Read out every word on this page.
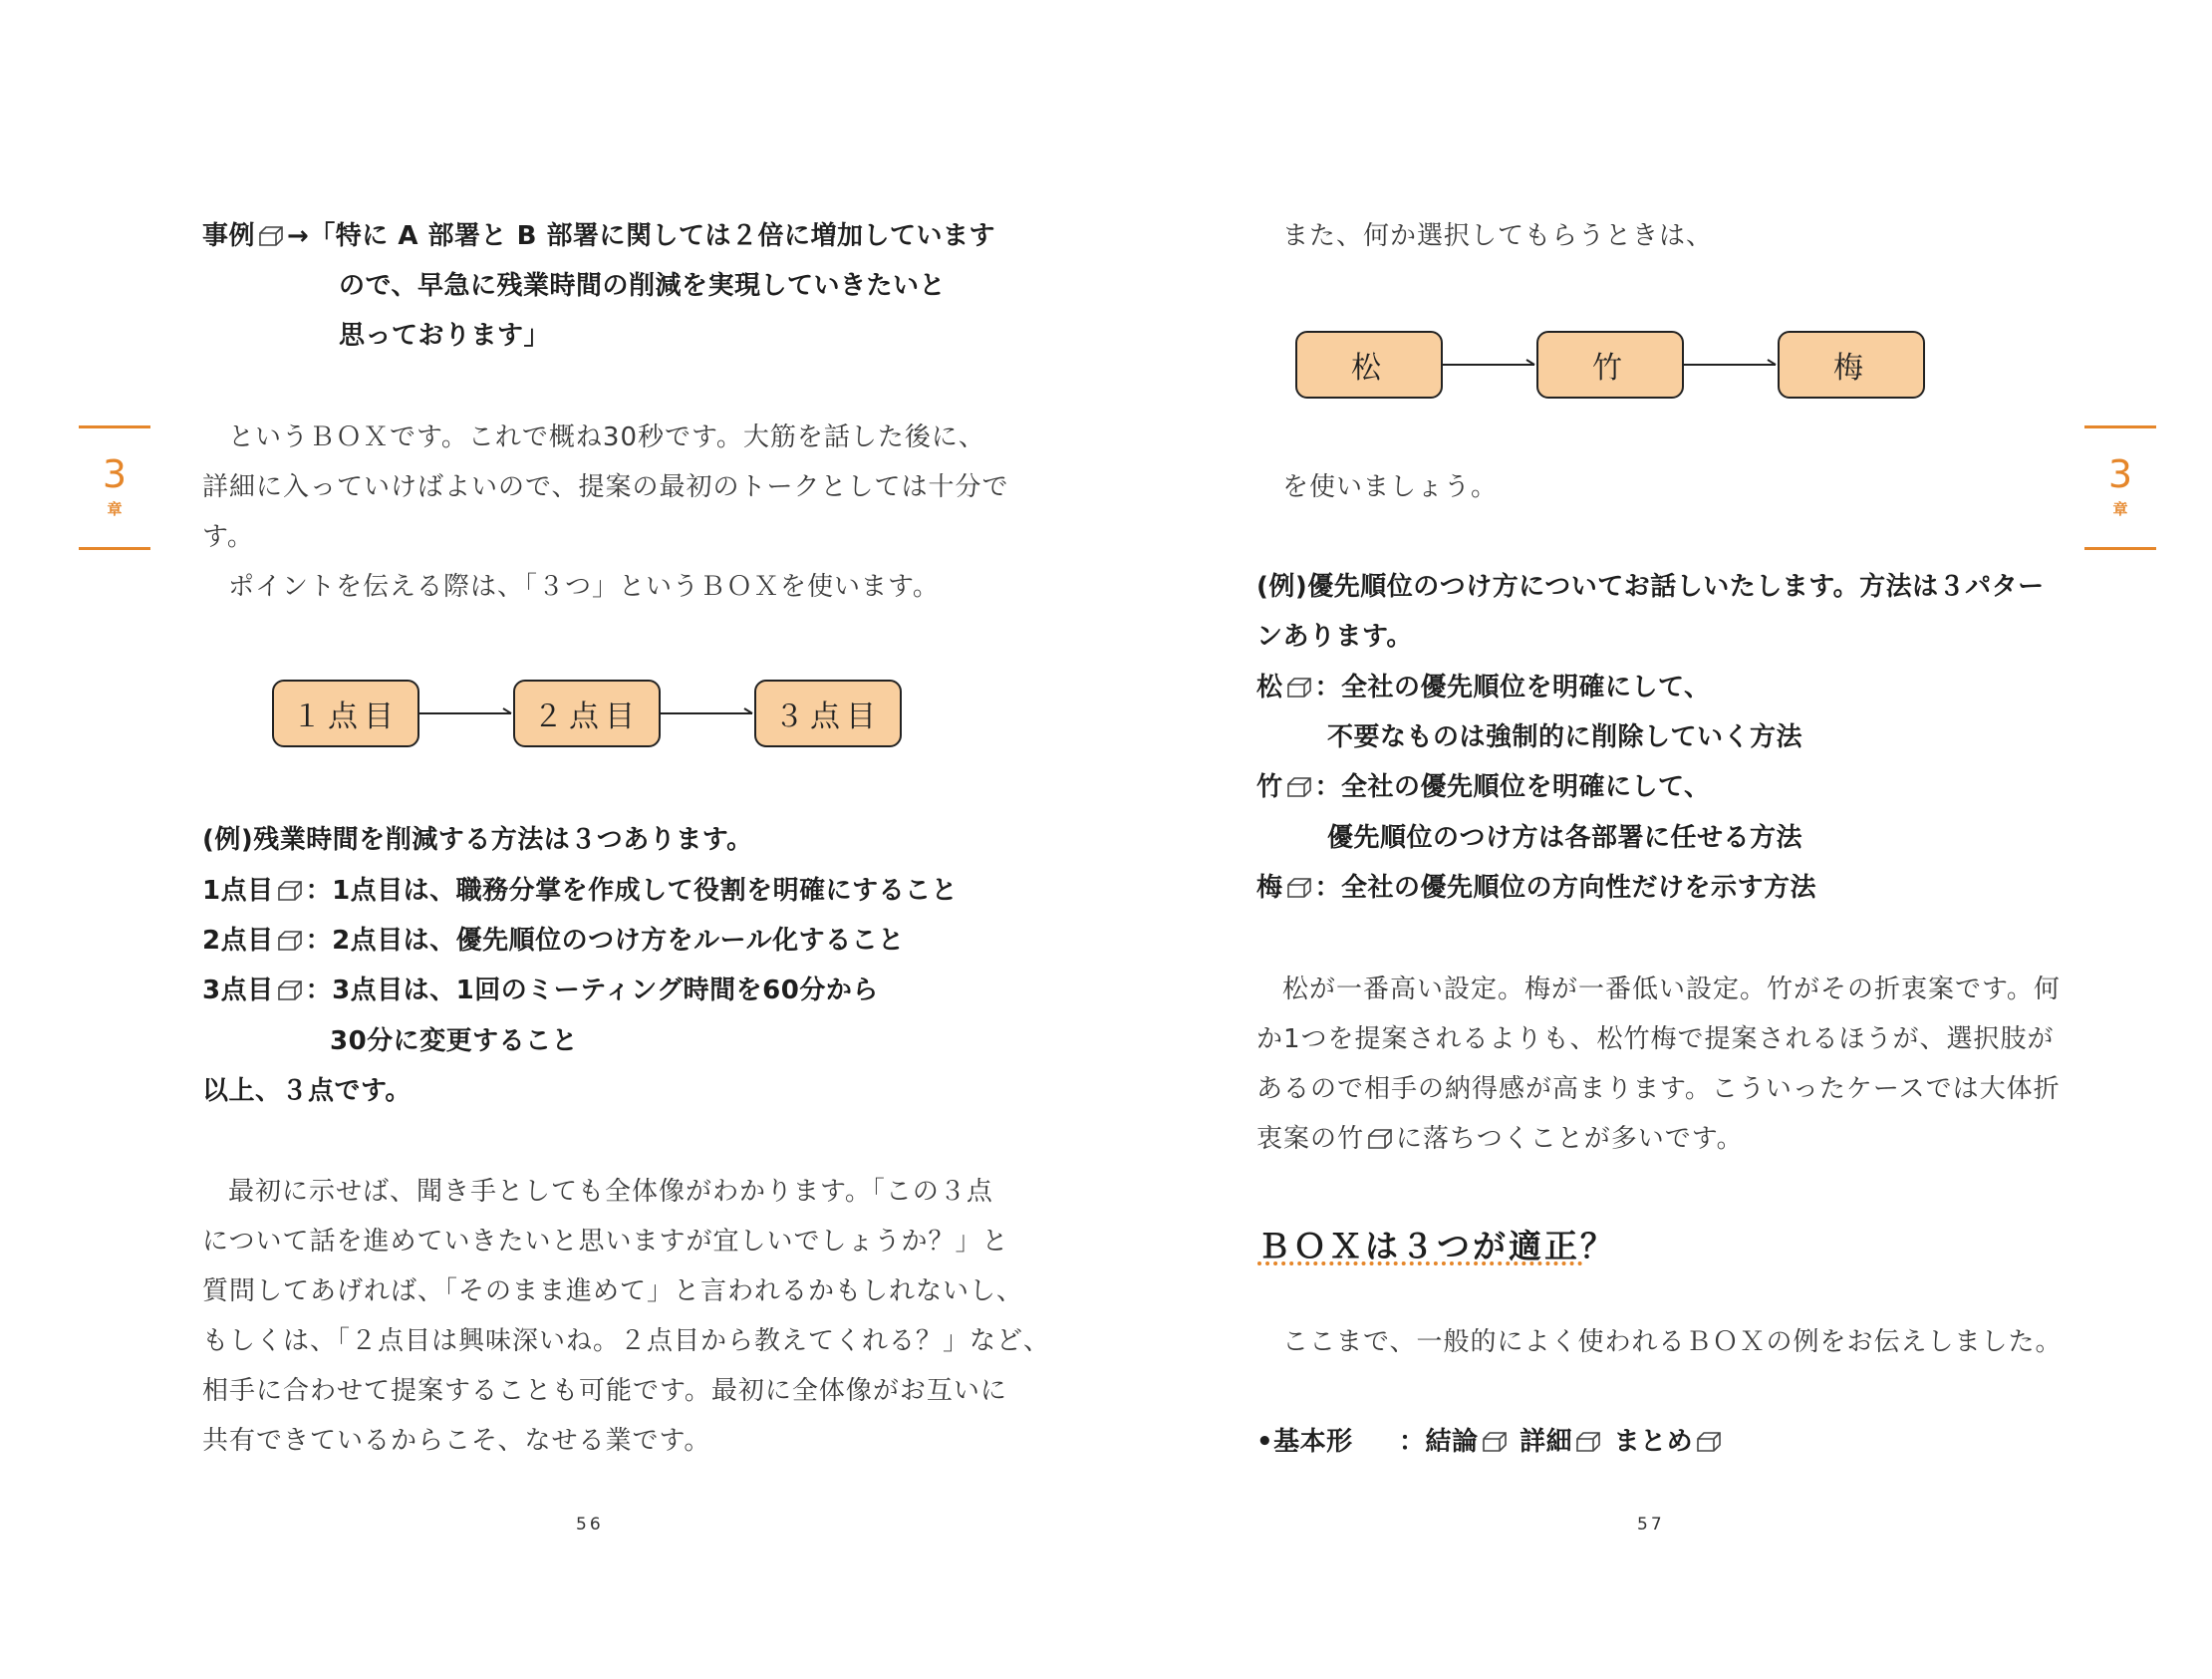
3
章
3
章
事例 →「特に A 部署と B 部署に関しては２倍に増加しています
ので、早急に残業時間の削減を実現していきたいと
思っております」
というＢＯＸです。これで概ね30秒です。大筋を話した後に、
詳細に入っていけばよいので、提案の最初のトークとしては十分で
す。
ポイントを伝える際は、「３つ」というＢＯＸを使います。
１点目	２点目	３点目
(例)残業時間を削減する方法は３つあります。
1点目 ：1点目は、職務分掌を作成して役割を明確にすること
2点目 ：2点目は、優先順位のつけ方をルール化すること
3点目 ：3点目は、1回のミーティング時間を60分から
30分に変更すること
以上、３点です。
最初に示せば、聞き手としても全体像がわかります。「この３点
について話を進めていきたいと思いますが宜しいでしょうか？」と
質問してあげれば、「そのまま進めて」と言われるかもしれないし、
もしくは、「２点目は興味深いね。２点目から教えてくれる？」など、
相手に合わせて提案することも可能です。最初に全体像がお互いに
共有できているからこそ、なせる業です。
56
また、何か選択してもらうときは、
松	竹	梅
を使いましょう。
(例)優先順位のつけ方についてお話しいたします。方法は３パター
ンあります。
松 ：全社の優先順位を明確にして、
不要なものは強制的に削除していく方法
竹 ：全社の優先順位を明確にして、
優先順位のつけ方は各部署に任せる方法
梅 ：全社の優先順位の方向性だけを示す方法
松が一番高い設定。梅が一番低い設定。竹がその折衷案です。何
か1つを提案されるよりも、松竹梅で提案されるほうが、選択肢が
あるので相手の納得感が高まります。こういったケースでは大体折
衷案の竹 に落ちつくことが多いです。
ＢＯＸは３つが適正？
ここまで、一般的によく使われるＢＯＸの例をお伝えしました。
•基本形 ：結論 詳細 まとめ
57
